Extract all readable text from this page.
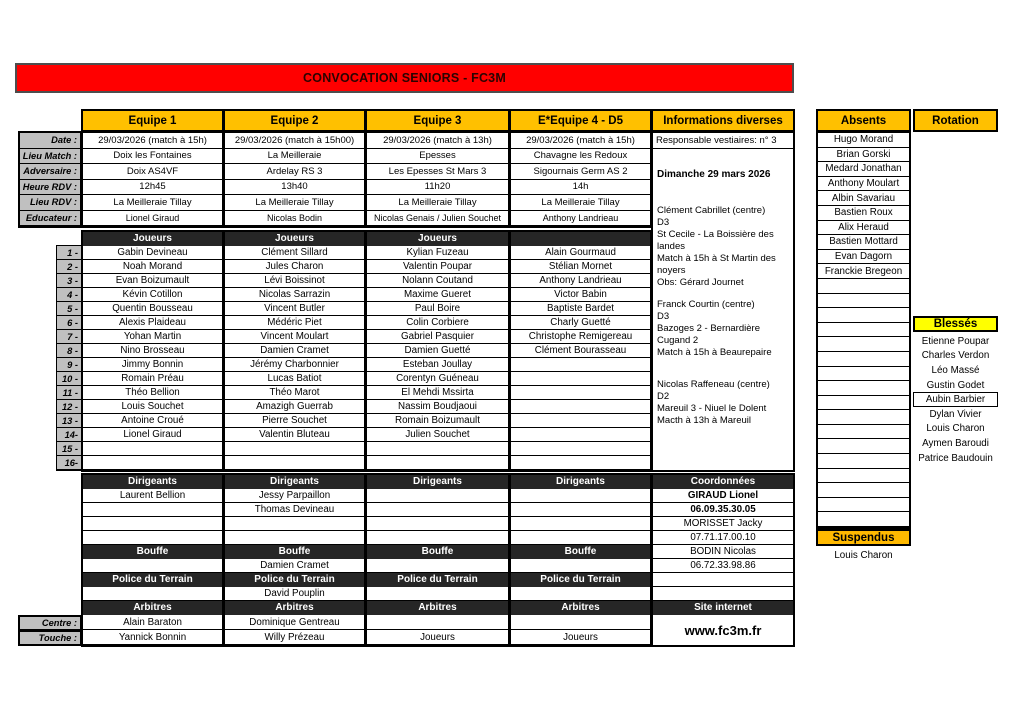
CONVOCATION SENIORS - FC3M
Date :
Lieu Match :
Adversaire :
Heure RDV :
Lieu RDV :
Educateur :
1 -
2 -
3 -
4 -
5 -
6 -
7 -
8 -
9 -
10 -
11 -
12 -
13 -
14-
15 -
16-
Centre :
Touche :
Equipe 1
29/03/2026 (match à 15h)
Doix les Fontaines
Doix AS4VF
12h45
La Meilleraie Tillay
Lionel Giraud
Joueurs
Gabin Devineau
Noah Morand
Evan Boizumault
Kévin Cotillon
Quentin Bousseau
Alexis Plaideau
Yohan Martin
Nino Brosseau
Jimmy Bonnin
Romain Préau
Théo Bellion
Louis Souchet
Antoine Croué
Lionel Giraud
Dirigeants
Laurent Bellion
Bouffe
Police du Terrain
Arbitres
Alain Baraton
Yannick Bonnin
Equipe 2
29/03/2026 (match à 15h00)
La Meilleraie
Ardelay RS 3
13h40
La Meilleraie Tillay
Nicolas Bodin
Joueurs
Clément Sillard
Jules Charon
Lévi Boissinot
Nicolas Sarrazin
Vincent Butler
Médéric Piet
Vincent Moulart
Damien Cramet
Jérémy Charbonnier
Lucas Batiot
Théo Marot
Amazigh Guerrab
Pierre Souchet
Valentin Bluteau
Dirigeants
Jessy Parpaillon
Thomas Devineau
Bouffe
Damien Cramet
Police du Terrain
David Pouplin
Arbitres
Dominique Gentreau
Willy Prézeau
Equipe 3
29/03/2026 (match à 13h)
Epesses
Les Epesses St Mars 3
11h20
La Meilleraie Tillay
Nicolas Genais / Julien Souchet
Joueurs
Kylian Fuzeau
Valentin Poupar
Nolann Coutand
Maxime Gueret
Paul Boire
Colin Corbiere
Gabriel Pasquier
Damien Guetté
Esteban Joullay
Corentyn Guéneau
El Mehdi Mssirta
Nassim Boudjaoui
Romain Boizumault
Julien Souchet
Dirigeants
Bouffe
Police du Terrain
Arbitres
Joueurs
E*Equipe 4 - D5
29/03/2026 (match à 15h)
Chavagne les Redoux
Sigournais Germ AS 2
14h
La Meilleraie Tillay
Anthony Landrieau
Alain Gourmaud
Stélian Mornet
Anthony Landrieau
Victor Babin
Baptiste Bardet
Charly Guetté
Christophe Remigereau
Clément Bourasseau
Dirigeants
Bouffe
Police du Terrain
Arbitres
Joueurs
Informations diverses
Responsable vestiaires: n° 3
Dimanche 29 mars 2026
Clément Cabrillet (centre)
D3
St Cecile - La Boissière des landes
Match à 15h à St Martin des noyers
Obs: Gérard Journet
Franck Courtin (centre)
D3
Bazoges 2 - Bernardière Cugand 2
Match à 15h à Beaurepaire
Nicolas Raffeneau (centre)
D2
Mareuil 3 - Niuel le Dolent
Macth à 13h à Mareuil
Coordonnées
GIRAUD Lionel
06.09.35.30.05
MORISSET Jacky
07.71.17.00.10
BODIN Nicolas
06.72.33.98.86
Site internet
www.fc3m.fr
Absents	Rotation
Hugo Morand
Brian Gorski
Medard Jonathan
Anthony Moulart
Albin Savariau
Bastien Roux
Alix Heraud
Bastien Mottard
Evan Dagorn
Franckie Bregeon
Suspendus
Louis Charon
Blessés
Etienne Poupar
Charles Verdon
Léo Massé
Gustin Godet
Aubin Barbier
Dylan Vivier
Louis Charon
Aymen Baroudi
Patrice Baudouin
